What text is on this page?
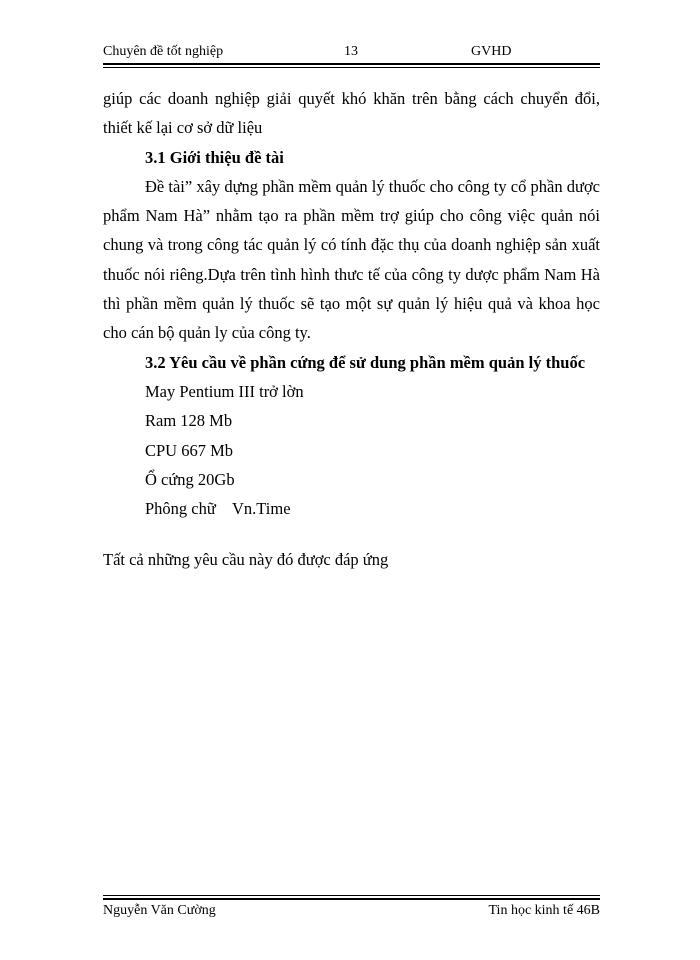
Chuyên đề tốt nghiệp	13	GVHD

giúp các doanh nghiệp giải quyết khó khăn trên bằng cách chuyển đổi, thiết kế lại cơ sở dữ liệu

3.1 Giới thiệu đề tài

Đề tài” xây dựng phần mềm quản lý thuốc cho công ty cổ phần dược phẩm Nam Hà” nhằm tạo ra phần mềm trợ giúp cho công việc quản nói chung và trong công tác quản lý có tính đặc thụ của doanh nghiệp sản xuất thuốc nói riêng.Dựa trên tình hình thưc tế của công ty dược phẩm Nam Hà thì phần mềm quản lý thuốc sẽ tạo một sự quản lý hiệu quả và khoa học cho cán bộ quản ly của công ty.

3.2 Yêu cầu về phần cứng để sử dung phần mềm quản lý thuốc

May Pentium III trở lờn

Ram 128 Mb

CPU 667 Mb

Ổ cứng 20Gb

Phông chữ    Vn.Time

Tất cả những yêu cầu này đó được đáp ứng

Nguyễn Văn Cường	Tin học kinh tế 46B
